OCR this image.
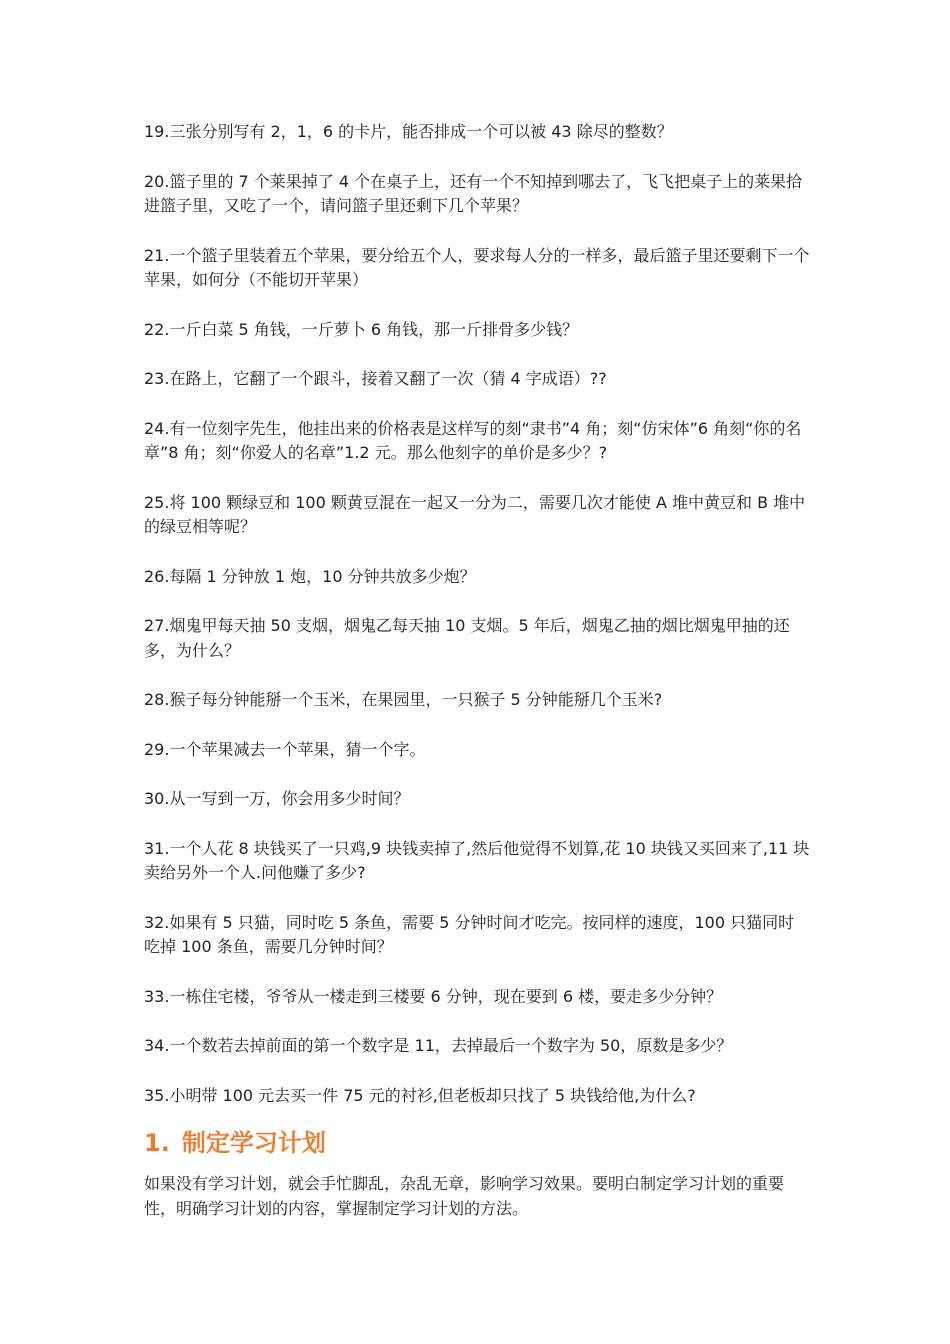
19.三张分别写有 2，1，6 的卡片，能否排成一个可以被 43 除尽的整数？

20.篮子里的 7 个莱果掉了 4 个在桌子上，还有一个不知掉到哪去了，飞飞把桌子上的莱果拾进篮子里，又吃了一个，请问篮子里还剩下几个苹果？

21.一个篮子里装着五个苹果，要分给五个人，要求每人分的一样多，最后篮子里还要剩下一个苹果，如何分（不能切开苹果）

22.一斤白菜 5 角钱，一斤萝卜 6 角钱，那一斤排骨多少钱？

23.在路上，它翻了一个跟斗，接着又翻了一次（猜 4 字成语）??

24.有一位刻字先生，他挂出来的价格表是这样写的刻“隶书”4 角；刻“仿宋体”6 角刻“你的名章”8 角；刻“你爱人的名章”1.2 元。那么他刻字的单价是多少？?

25.将 100 颗绿豆和 100 颗黄豆混在一起又一分为二，需要几次才能使 A 堆中黄豆和 B 堆中的绿豆相等呢？

26.每隔 1 分钟放 1 炮，10 分钟共放多少炮？

27.烟鬼甲每天抽 50 支烟，烟鬼乙每天抽 10 支烟。5 年后，烟鬼乙抽的烟比烟鬼甲抽的还多，为什么？

28.猴子每分钟能掰一个玉米，在果园里，一只猴子 5 分钟能掰几个玉米?

29.一个苹果减去一个苹果，猜一个字。

30.从一写到一万，你会用多少时间？

31.一个人花 8 块钱买了一只鸡,9 块钱卖掉了,然后他觉得不划算,花 10 块钱又买回来了,11 块卖给另外一个人.问他赚了多少?

32.如果有 5 只猫，同时吃 5 条鱼，需要 5 分钟时间才吃完。按同样的速度，100 只猫同时吃掉 100 条鱼，需要几分钟时间？

33.一栋住宅楼，爷爷从一楼走到三楼要 6 分钟，现在要到 6 楼，要走多少分钟？

34.一个数若去掉前面的第一个数字是 11，去掉最后一个数字为 50，原数是多少？

35.小明带 100 元去买一件 75 元的衬衫,但老板却只找了 5 块钱给他,为什么?

1. 制定学习计划

如果没有学习计划，就会手忙脚乱，杂乱无章，影响学习效果。要明白制定学习计划的重要性，明确学习计划的内容，掌握制定学习计划的方法。
